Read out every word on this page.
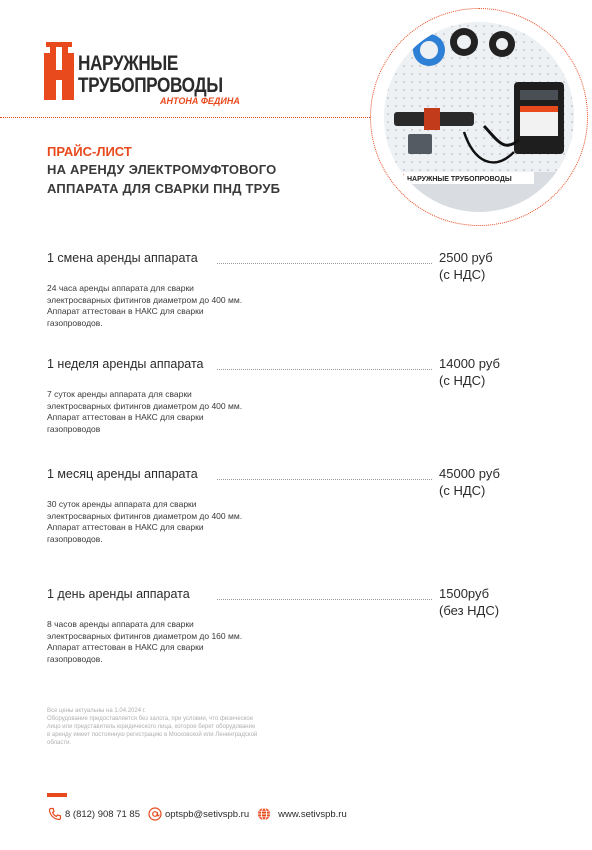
НАРУЖНЫЕ
ТРУБОПРОВОДЫ
АНТОНА ФЕДИНА
НАРУЖНЫЕ ТРУБОПРОВОДЫ
ПРАЙС-ЛИСТ
НА АРЕНДУ ЭЛЕКТРОМУФТОВОГО
АППАРАТА ДЛЯ СВАРКИ ПНД ТРУБ
1 смена аренды аппарата	2500 руб
(с НДС)
24 часа аренды аппарата для сварки
электросварных фитингов диаметром до 400 мм.
Аппарат аттестован в НАКС для сварки
газопроводов.
1 неделя аренды аппарата	14000 руб
(с НДС)
7 суток аренды аппарата для сварки
электросварных фитингов диаметром до 400 мм.
Аппарат аттестован в НАКС для сварки
газопроводов
1 месяц аренды аппарата	45000 руб
(с НДС)
30 суток аренды аппарата для сварки
электросварных фитингов диаметром до 400 мм.
Аппарат аттестован в НАКС для сварки
газопроводов.
1 день аренды аппарата	1500руб
(без НДС)
8 часов аренды аппарата для сварки
электросварных фитингов диаметром до 160 мм.
Аппарат аттестован в НАКС для сварки
газопроводов.
Все цены актуальны на 1.04.2024 г.
Оборудование предоставляется без залога, при условии, что физическое
лицо или представитель юридического лица, которое берет оборудование
в аренду имеет постоянную регистрацию в Московской или Ленинградской
области.
8 (812) 908 71 85	optspb@setivspb.ru	www.setivspb.ru
